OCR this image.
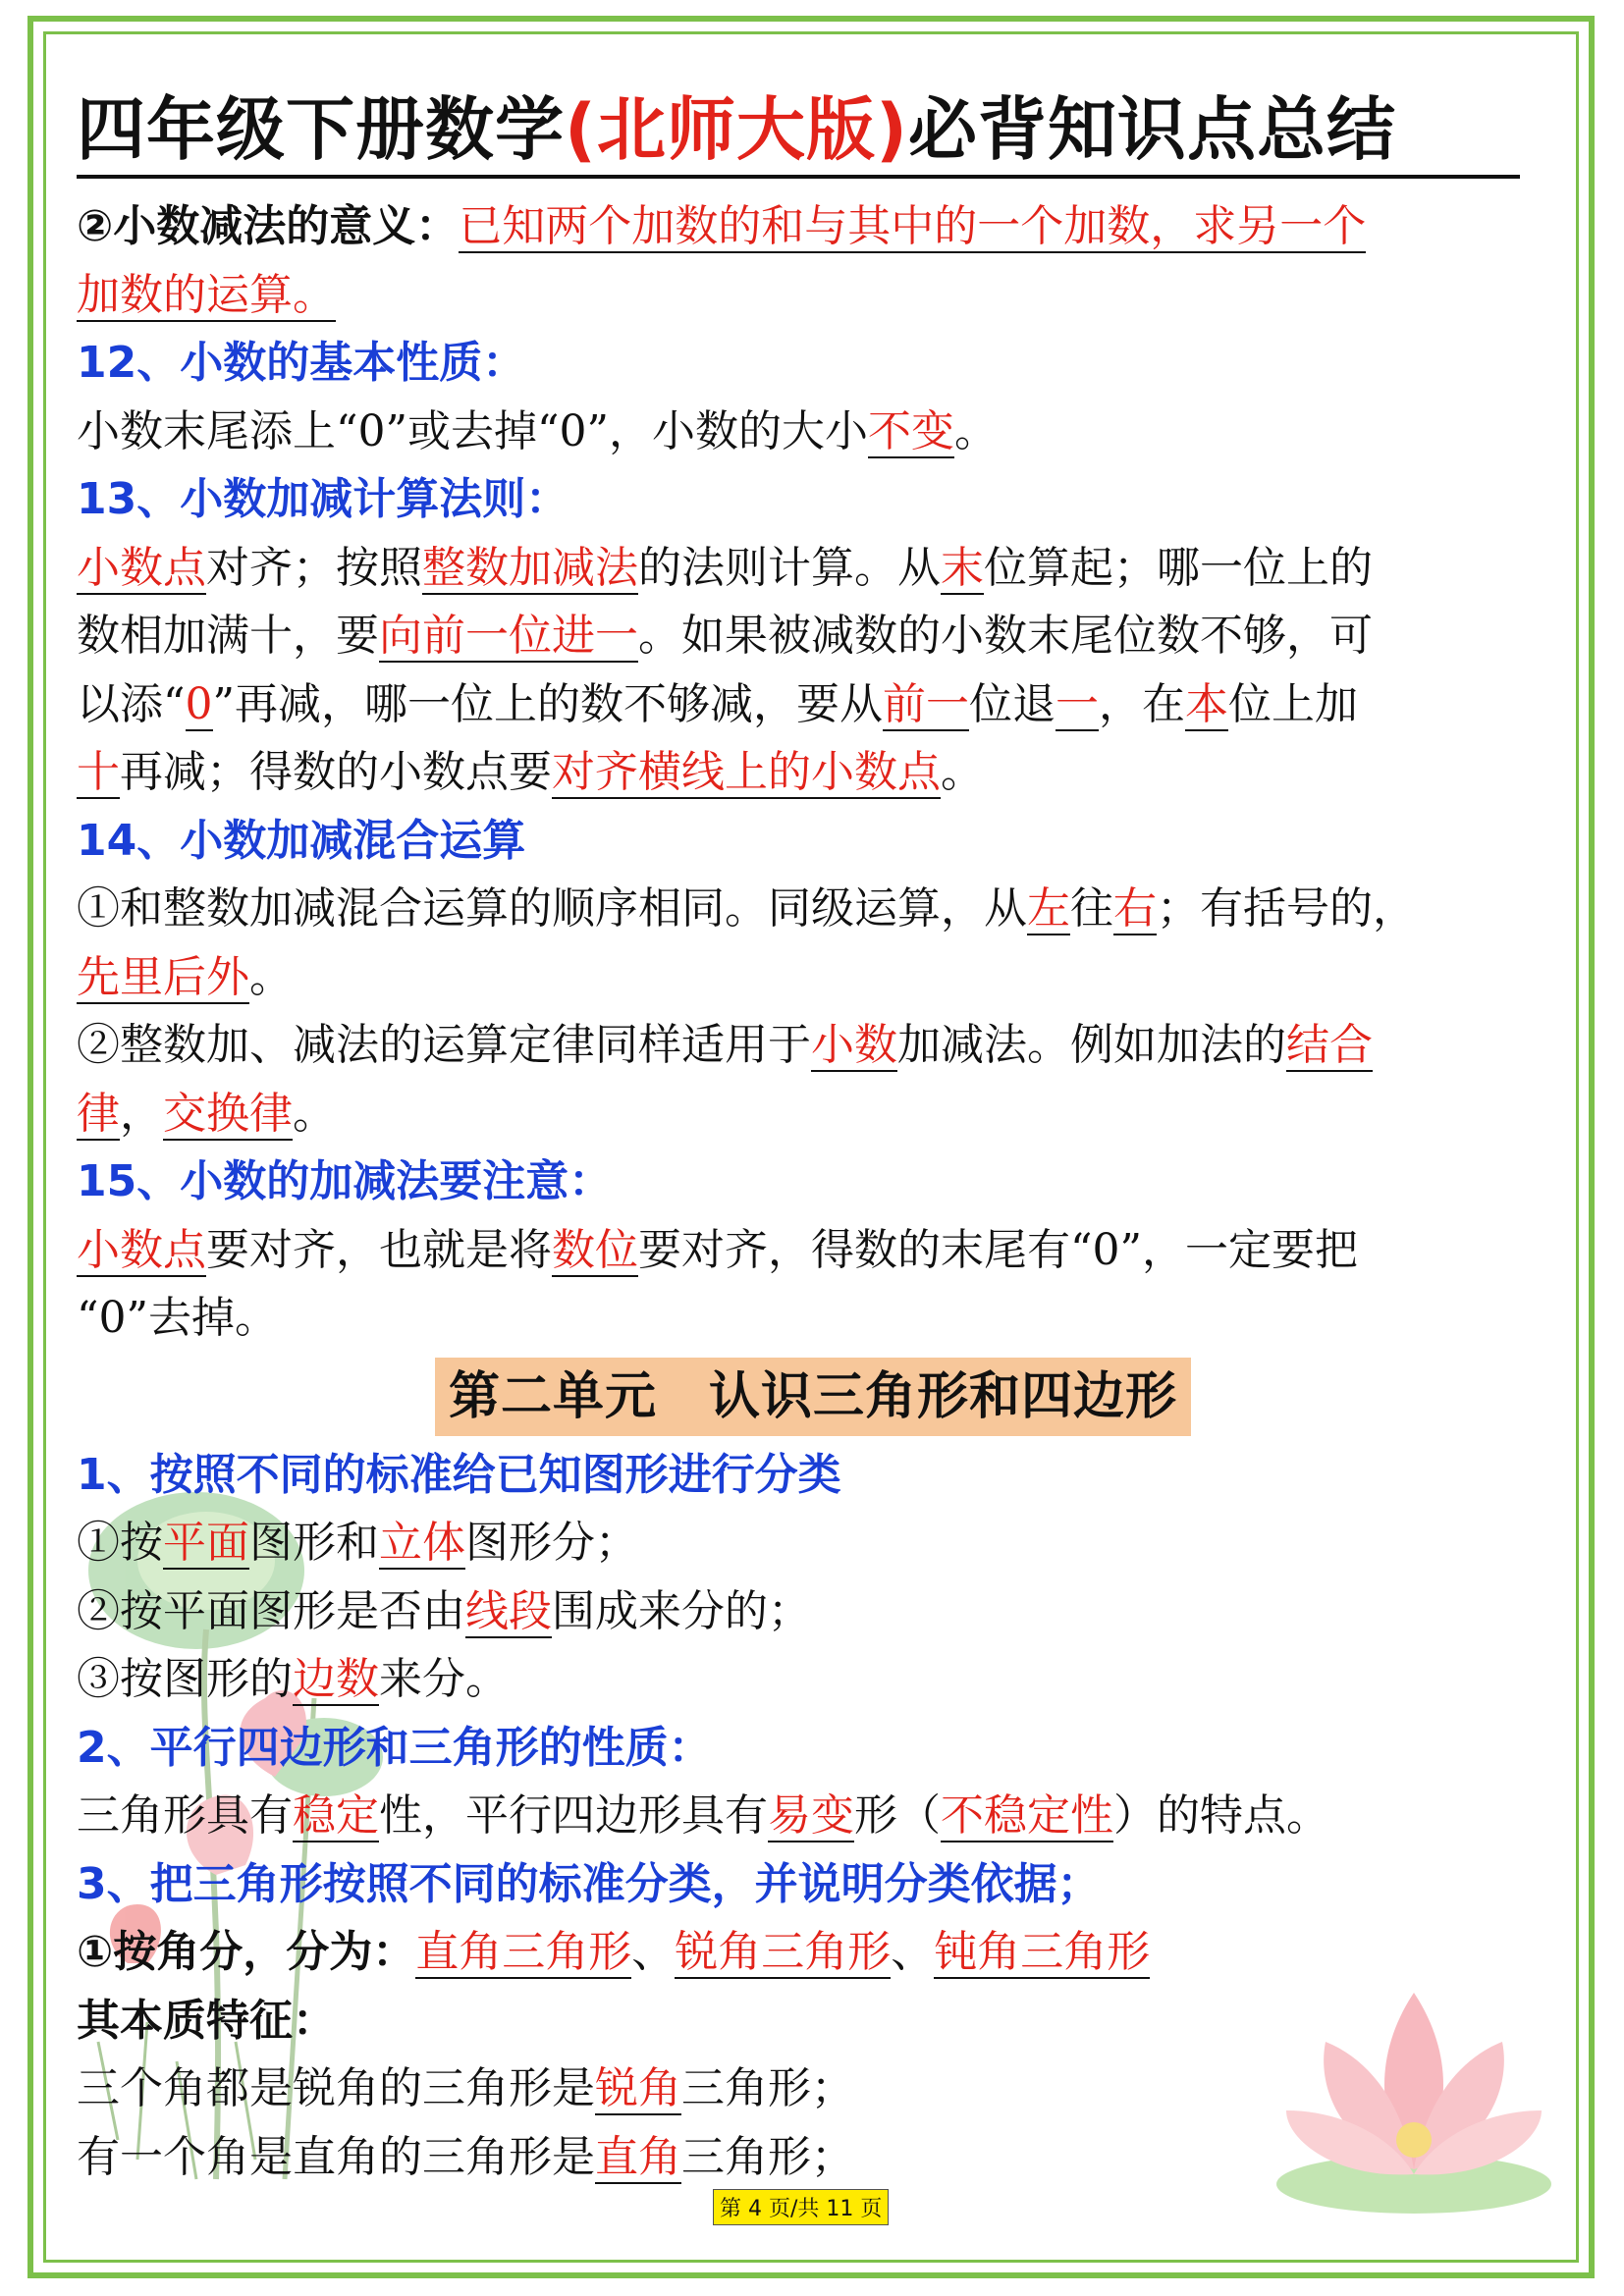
四年级下册数学(北师大版)必背知识点总结
②小数减法的意义：已知两个加数的和与其中的一个加数，求另一个
加数的运算。
12、小数的基本性质：
小数末尾添上“0”或去掉“0”，小数的大小不变。
13、小数加减计算法则：
小数点对齐；按照整数加减法的法则计算。从末位算起；哪一位上的
数相加满十，要向前一位进一。如果被减数的小数末尾位数不够，可
以添“0”再减，哪一位上的数不够减，要从前一位退一，在本位上加
十再减；得数的小数点要对齐横线上的小数点。
14、小数加减混合运算
①和整数加减混合运算的顺序相同。同级运算，从左往右；有括号的，
先里后外。
②整数加、减法的运算定律同样适用于小数加减法。例如加法的结合
律，交换律。
15、小数的加减法要注意：
小数点要对齐，也就是将数位要对齐，得数的末尾有“0”，一定要把
“0”去掉。
第二单元　认识三角形和四边形
1、按照不同的标准给已知图形进行分类
①按平面图形和立体图形分；
②按平面图形是否由线段围成来分的；
③按图形的边数来分。
2、平行四边形和三角形的性质：
三角形具有稳定性，平行四边形具有易变形（不稳定性）的特点。
3、把三角形按照不同的标准分类，并说明分类依据；
①按角分，分为：直角三角形、锐角三角形、钝角三角形
其本质特征：
三个角都是锐角的三角形是锐角三角形；
有一个角是直角的三角形是直角三角形；
第 4 页/共 11 页
